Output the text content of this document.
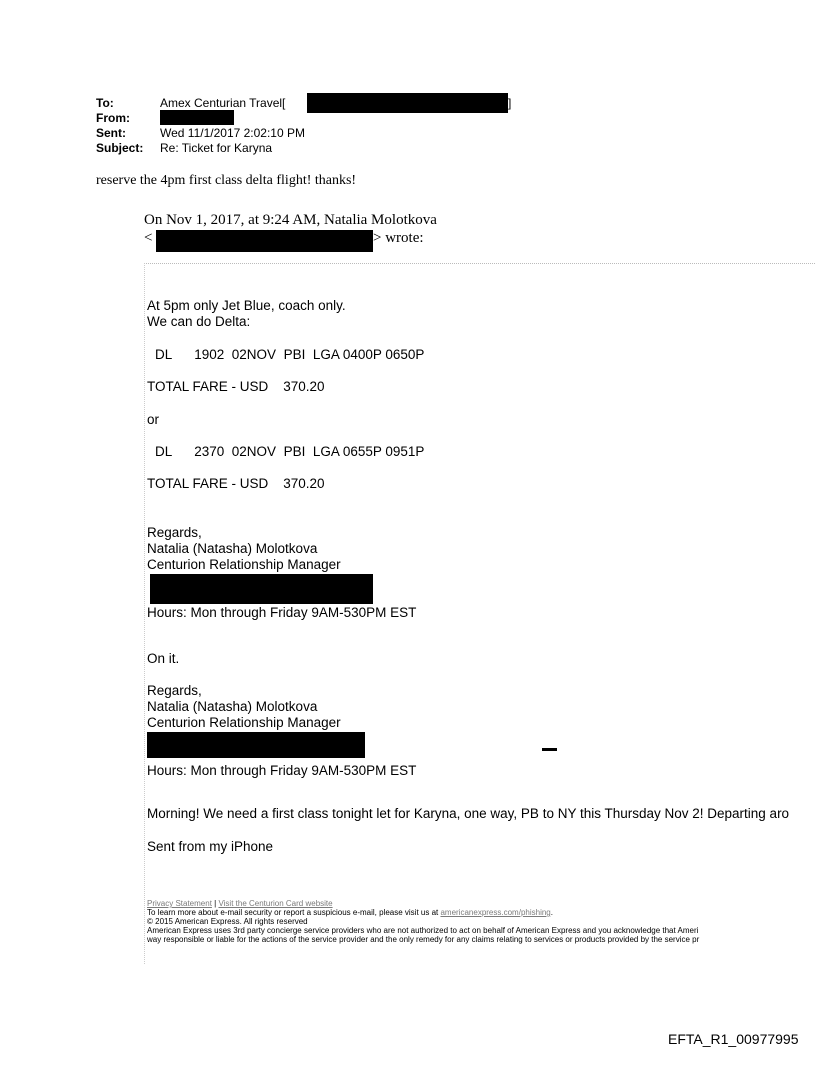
To:	Amex Centurian Travel[	]
From:
Sent:	Wed 11/1/2017 2:02:10 PM
Subject: Re: Ticket for Karyna
reserve the 4pm first class delta flight! thanks!
On Nov 1, 2017, at 9:24 AM, Natalia Molotkova
<	> wrote:
At 5pm only Jet Blue, coach only.
We can do Delta:
DL      1902  02NOV  PBI  LGA 0400P 0650P
TOTAL FARE - USD    370.20
or
DL      2370  02NOV  PBI  LGA 0655P 0951P
TOTAL FARE - USD    370.20
Regards,
Natalia (Natasha) Molotkova
Centurion Relationship Manager
Hours: Mon through Friday 9AM-530PM EST
On it.
Regards,
Natalia (Natasha) Molotkova
Centurion Relationship Manager
Hours: Mon through Friday 9AM-530PM EST
Morning! We need a first class tonight let for Karyna, one way, PB to NY this Thursday Nov 2! Departing aro
Sent from my iPhone
Privacy Statement | Visit the Centurion Card website
To learn more about e-mail security or report a suspicious e-mail, please visit us at americanexpress.com/phishing.
© 2015 American Express. All rights reserved
American Express uses 3rd party concierge service providers who are not authorized to act on behalf of American Express and you acknowledge that Ameri
way responsible or liable for the actions of the service provider and the only remedy for any claims relating to services or products provided by the service pr
EFTA_R1_00977995
